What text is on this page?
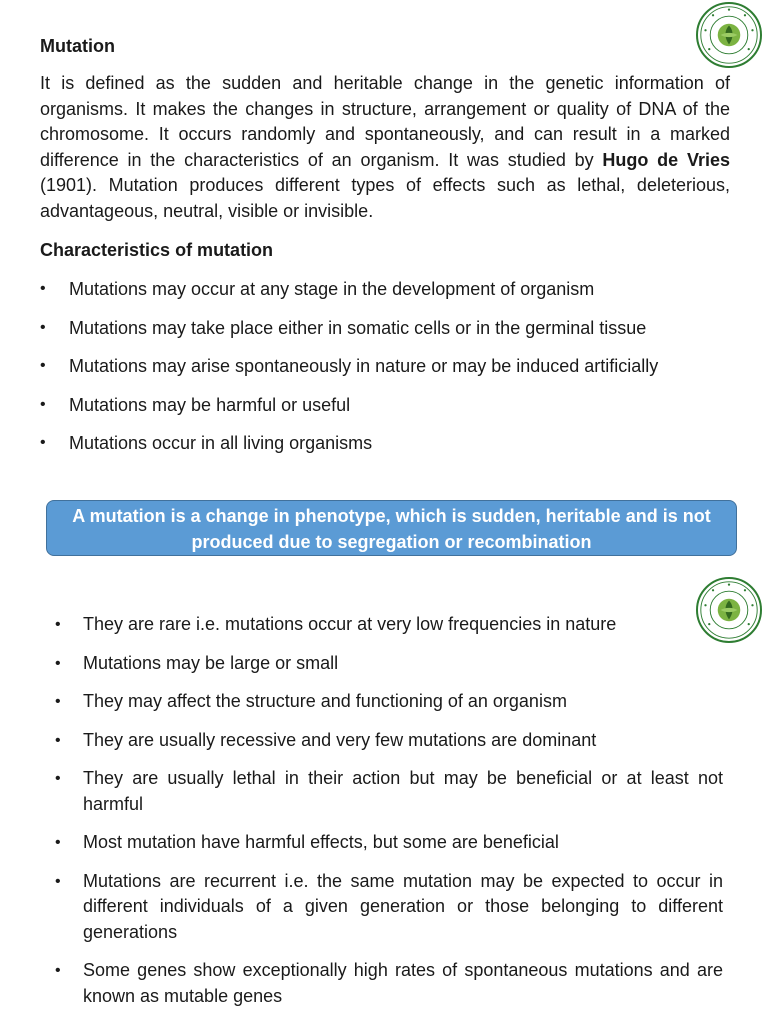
Mutation

It is defined as the sudden and heritable change in the genetic information of organisms. It makes the changes in structure, arrangement or quality of DNA of the chromosome. It occurs randomly and spontaneously, and can result in a marked difference in the characteristics of an organism. It was studied by Hugo de Vries (1901). Mutation produces different types of effects such as lethal, deleterious, advantageous, neutral, visible or invisible.

Characteristics of mutation
• Mutations may occur at any stage in the development of organism
• Mutations may take place either in somatic cells or in the germinal tissue
• Mutations may arise spontaneously in nature or may be induced artificially
• Mutations may be harmful or useful
• Mutations occur in all living organisms
A mutation is a change in phenotype, which is sudden, heritable and is not produced due to segregation or recombination
• They are rare i.e. mutations occur at very low frequencies in nature
• Mutations may be large or small
• They may affect the structure and functioning of an organism
• They are usually recessive and very few mutations are dominant
• They are usually lethal in their action but may be beneficial or at least not harmful
• Most mutation have harmful effects, but some are beneficial
• Mutations are recurrent i.e. the same mutation may be expected to occur in different individuals of a given generation or those belonging to different generations
• Some genes show exceptionally high rates of spontaneous mutations and are known as mutable genes
